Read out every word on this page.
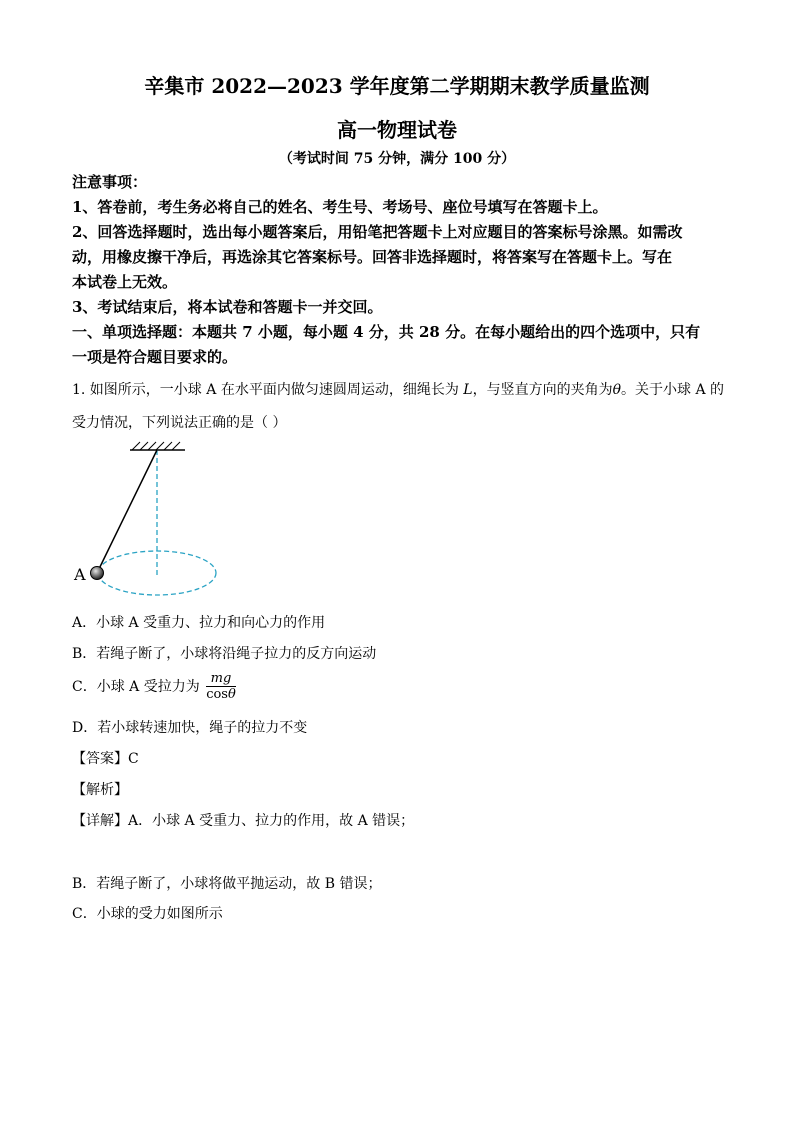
辛集市 2022—2023 学年度第二学期期末教学质量监测
高一物理试卷
（考试时间 75 分钟，满分 100 分）
注意事项：
1、答卷前，考生务必将自己的姓名、考生号、考场号、座位号填写在答题卡上。
2、回答选择题时，选出每小题答案后，用铅笔把答题卡上对应题目的答案标号涂黑。如需改
动，用橡皮擦干净后，再选涂其它答案标号。回答非选择题时，将答案写在答题卡上。写在
本试卷上无效。
3、考试结束后，将本试卷和答题卡一并交回。
一、单项选择题：本题共 7 小题，每小题 4 分，共 28 分。在每小题给出的四个选项中，只有
一项是符合题目要求的。
1. 如图所示，一小球 A 在水平面内做匀速圆周运动，细绳长为 L，与竖直方向的夹角为θ。关于小球 A 的
受力情况，下列说法正确的是（ ）
A
A．小球 A 受重力、拉力和向心力的作用
B．若绳子断了，小球将沿绳子拉力的反方向运动
C．小球 A 受拉力为 $\frac{mg}{\cos\theta}$
D．若小球转速加快，绳子的拉力不变
【答案】C
【解析】
【详解】A．小球 A 受重力、拉力的作用，故 A 错误；
B．若绳子断了，小球将做平抛运动，故 B 错误；
C．小球的受力如图所示
